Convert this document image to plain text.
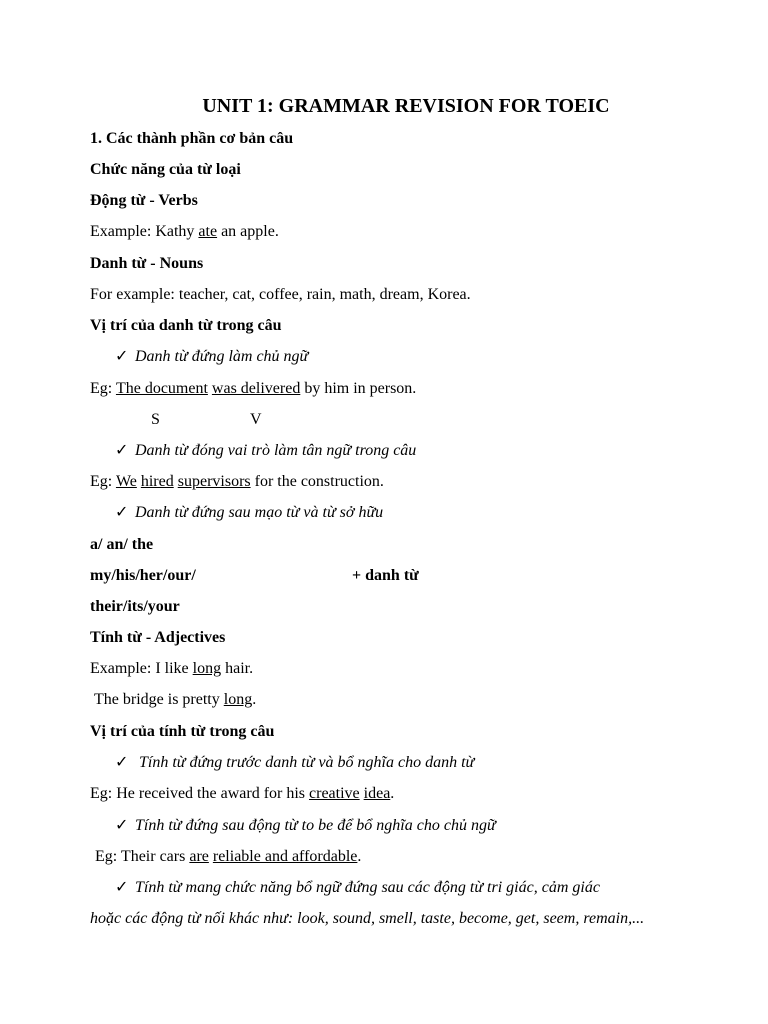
UNIT 1: GRAMMAR REVISION FOR TOEIC
1. Các thành phần cơ bản câu
Chức năng của từ loại
Động từ - Verbs
Example: Kathy ate an apple.
Danh từ - Nouns
For example: teacher, cat, coffee, rain, math, dream, Korea.
Vị trí của danh từ trong câu
✓ Danh từ đứng làm chủ ngữ
Eg: The document was delivered by him in person.
S	V
✓ Danh từ đóng vai trò làm tân ngữ trong câu
Eg: We hired supervisors for the construction.
✓ Danh từ đứng sau mạo từ và từ sở hữu
a/ an/ the
my/his/her/our/	+ danh từ
their/its/your
Tính từ - Adjectives
Example: I like long hair.
The bridge is pretty long.
Vị trí của tính từ trong câu
✓ Tính từ đứng trước danh từ và bổ nghĩa cho danh từ
Eg: He received the award for his creative idea.
✓ Tính từ đứng sau động từ to be để bổ nghĩa cho chủ ngữ
Eg: Their cars are reliable and affordable.
✓ Tính từ mang chức năng bổ ngữ đứng sau các động từ tri giác, cảm giác
hoặc các động từ nối khác như: look, sound, smell, taste, become, get, seem, remain,...
